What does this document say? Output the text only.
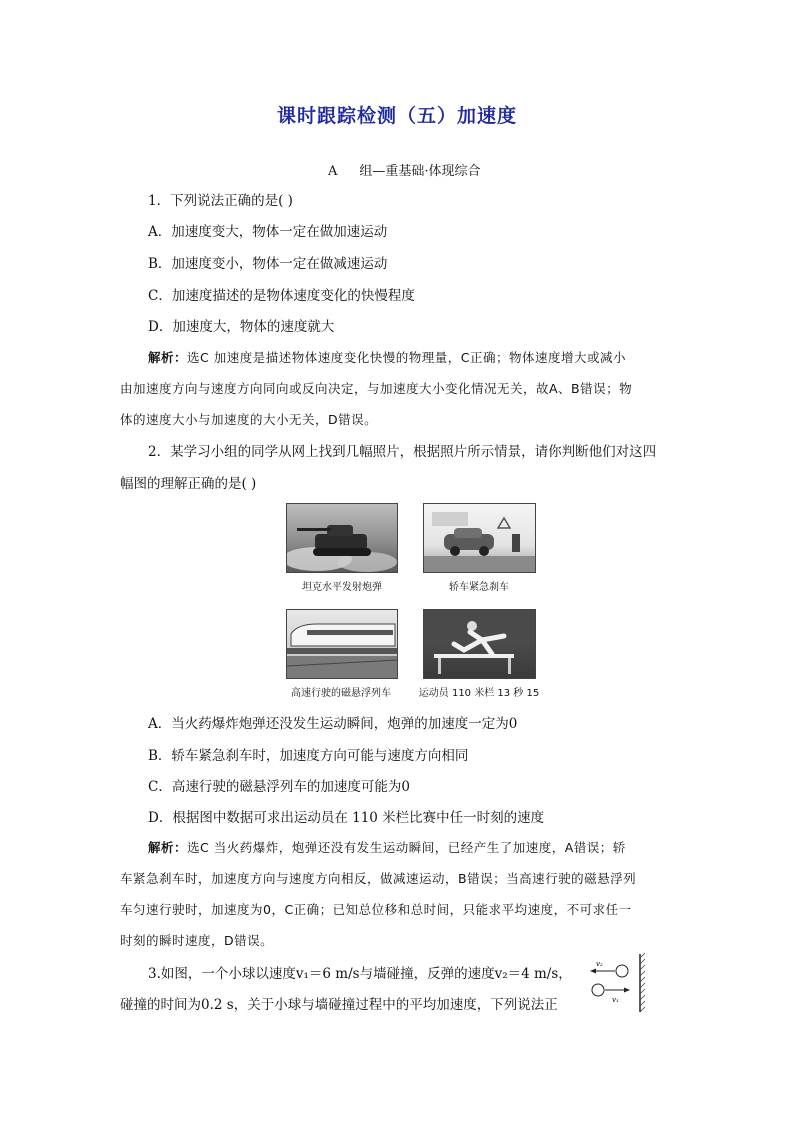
课时跟踪检测（五）加速度
A 组—重基础·体现综合
1．下列说法正确的是( )
A．加速度变大，物体一定在做加速运动
B．加速度变小，物体一定在做减速运动
C．加速度描述的是物体速度变化的快慢程度
D．加速度大，物体的速度就大
解析：选C 加速度是描述物体速度变化快慢的物理量，C正确；物体速度增大或减小
由加速度方向与速度方向同向或反向决定，与加速度大小变化情况无关，故A、B错误；物
体的速度大小与加速度的大小无关，D错误。
2．某学习小组的同学从网上找到几幅照片，根据照片所示情景，请你判断他们对这四
幅图的理解正确的是( )
坦克水平发射炮弹	轿车紧急刹车
高速行驶的磁悬浮列车	运动员 110 米栏 13 秒 15
A．当火药爆炸炮弹还没发生运动瞬间，炮弹的加速度一定为0
B．轿车紧急刹车时，加速度方向可能与速度方向相同
C．高速行驶的磁悬浮列车的加速度可能为0
D．根据图中数据可求出运动员在 110 米栏比赛中任一时刻的速度
解析：选C 当火药爆炸，炮弹还没有发生运动瞬间，已经产生了加速度，A错误；轿
车紧急刹车时，加速度方向与速度方向相反，做减速运动，B错误；当高速行驶的磁悬浮列
车匀速行驶时，加速度为0，C正确；已知总位移和总时间，只能求平均速度，不可求任一
时刻的瞬时速度，D错误。
3.如图，一个小球以速度v₁＝6 m/s与墙碰撞，反弹的速度v₂＝4 m/s，
碰撞的时间为0.2 s，关于小球与墙碰撞过程中的平均加速度，下列说法正
v₂
v₁
